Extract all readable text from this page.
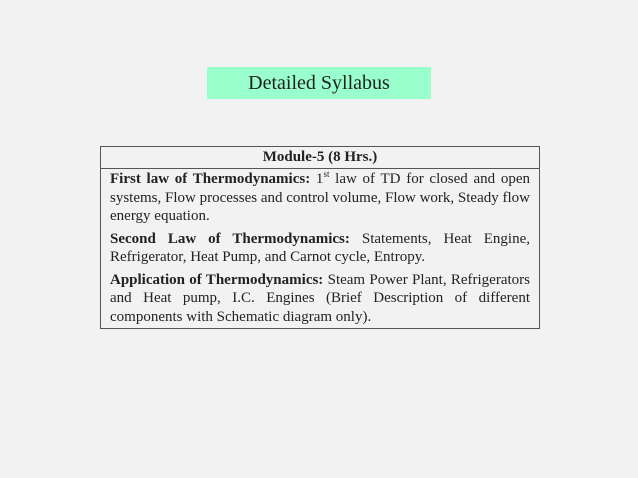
Detailed Syllabus
Module-5 (8 Hrs.)

First law of Thermodynamics: 1st law of TD for closed and open systems, Flow processes and control volume, Flow work, Steady flow energy equation.

Second Law of Thermodynamics: Statements, Heat Engine, Refrigerator, Heat Pump, and Carnot cycle, Entropy.

Application of Thermodynamics: Steam Power Plant, Refrigerators and Heat pump, I.C. Engines (Brief Description of different components with Schematic diagram only).
